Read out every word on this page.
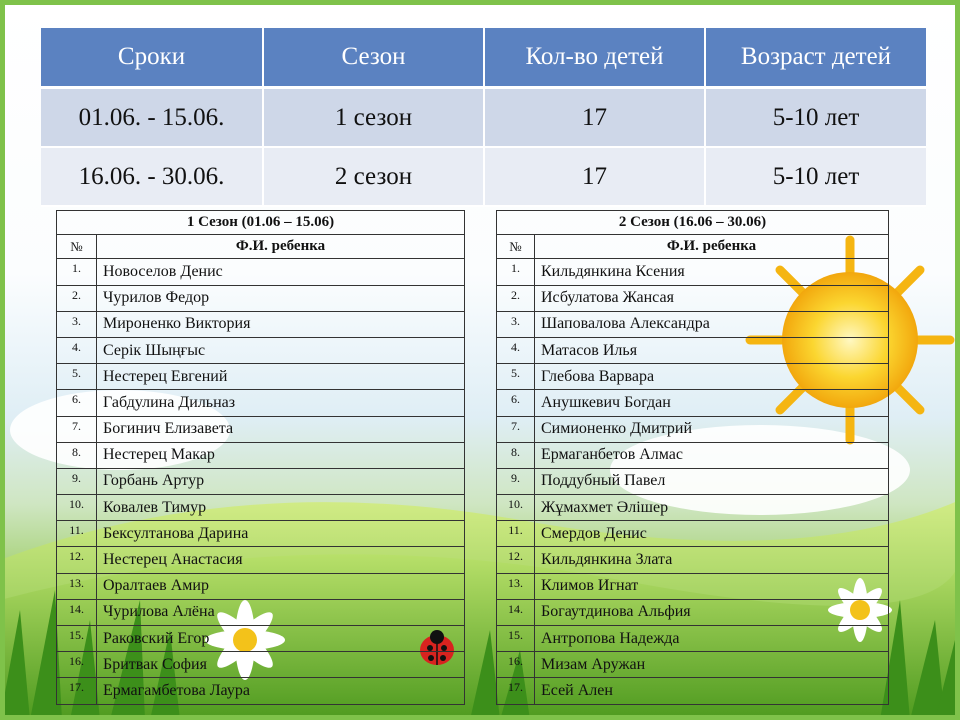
Сроки	Сезон	Кол-во детей	Возраст детей
01.06. - 15.06.	1 сезон	17	5-10 лет
16.06. - 30.06.	2 сезон	17	5-10 лет
1 Сезон (01.06 – 15.06)	
№	Ф.И. ребенка
1.	Новоселов Денис
2.	Чурилов Федор
3.	Мироненко Виктория
4.	Серік Шыңғыс
5.	Нестерец Евгений
6.	Габдулина Дильназ
7.	Богинич Елизавета
8.	Нестерец Макар
9.	Горбань Артур
10.	Ковалев Тимур
11.	Бексултанова Дарина
12.	Нестерец Анастасия
13.	Оралтаев Амир
14.	Чурилова Алёна
15.	Раковский Егор
16.	Бритвак София
17.	Ермагамбетова Лаура
2 Сезон (16.06 – 30.06)	
№	Ф.И. ребенка
1.	Кильдянкина Ксения
2.	Исбулатова Жансая
3.	Шаповалова Александра
4.	Матасов Илья
5.	Глебова Варвара
6.	Анушкевич Богдан
7.	Симионенко Дмитрий
8.	Ермаганбетов Алмас
9.	Поддубный Павел
10.	Жұмахмет Әлішер
11.	Смердов Денис
12.	Кильдянкина Злата
13.	Климов Игнат
14.	Богаутдинова Альфия
15.	Антропова Надежда
16.	Мизам Аружан
17.	Есей Ален
